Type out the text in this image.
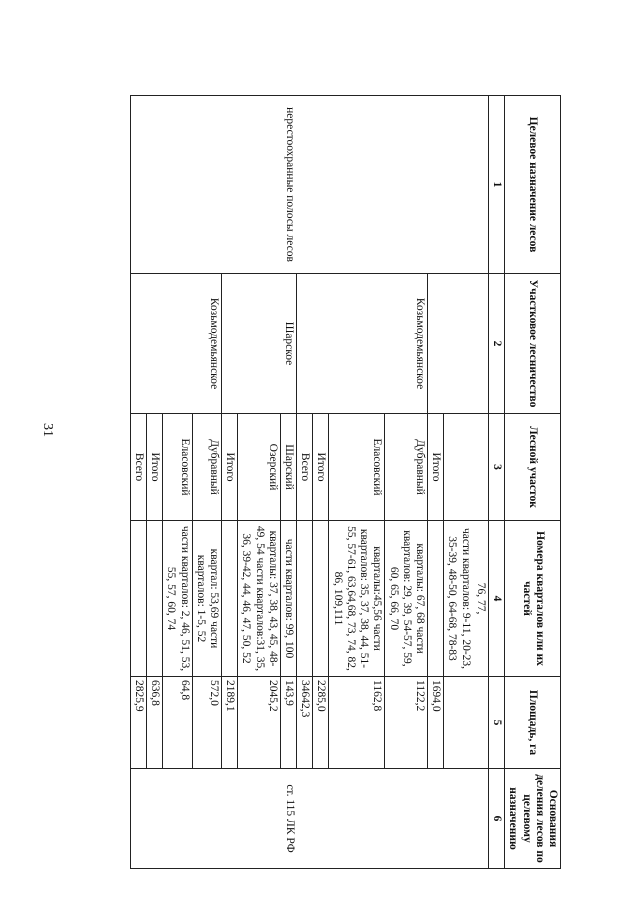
Целевое назначение лесов	Участковое лесничество	Лесной участок	Номера кварталов или их частей	Площадь, га	Основания деления лесов по целевому назначению
1	2	3	4	5	6
			76, 77,		
			части кварталов: 9-11, 20-23, 35-39, 48-50, 64-68, 78-83		
		Итого		1694,0	
	Козьмодемьянское	Дубравный	кварталы: 67, 68 части кварталов: 29, 39, 54-57, 59, 60, 65, 66, 70	1122,2	
		Еласовский	кварталы:45,56 части кварталов: 35, 37, 38, 44, 51-55, 57-61, 63,64,68, 73, 74, 82, 86, 109,111	1162,8	
		Итого		2285,0	
		Всего		34642,3	
нерестоохранные полосы лесов	Шарское	Шарский	части кварталов: 99, 100	143,9	ст. 115 ЛК РФ
		Озерский	кварталы: 37, 38, 43, 45, 48-49, 54 части кварталов:31, 35, 36, 39-42, 44, 46, 47, 50, 52	2045,2	
		Итого		2189,1	
	Козьмодемьянское	Дубравный	квартал: 53,69 части кварталов: 1-5, 52	572,0	
		Еласовский	части кварталов: 2, 46, 51, 53, 55, 57, 60, 74	64,8	
		Итого		636,8	
		Всего		2825,9	
31
